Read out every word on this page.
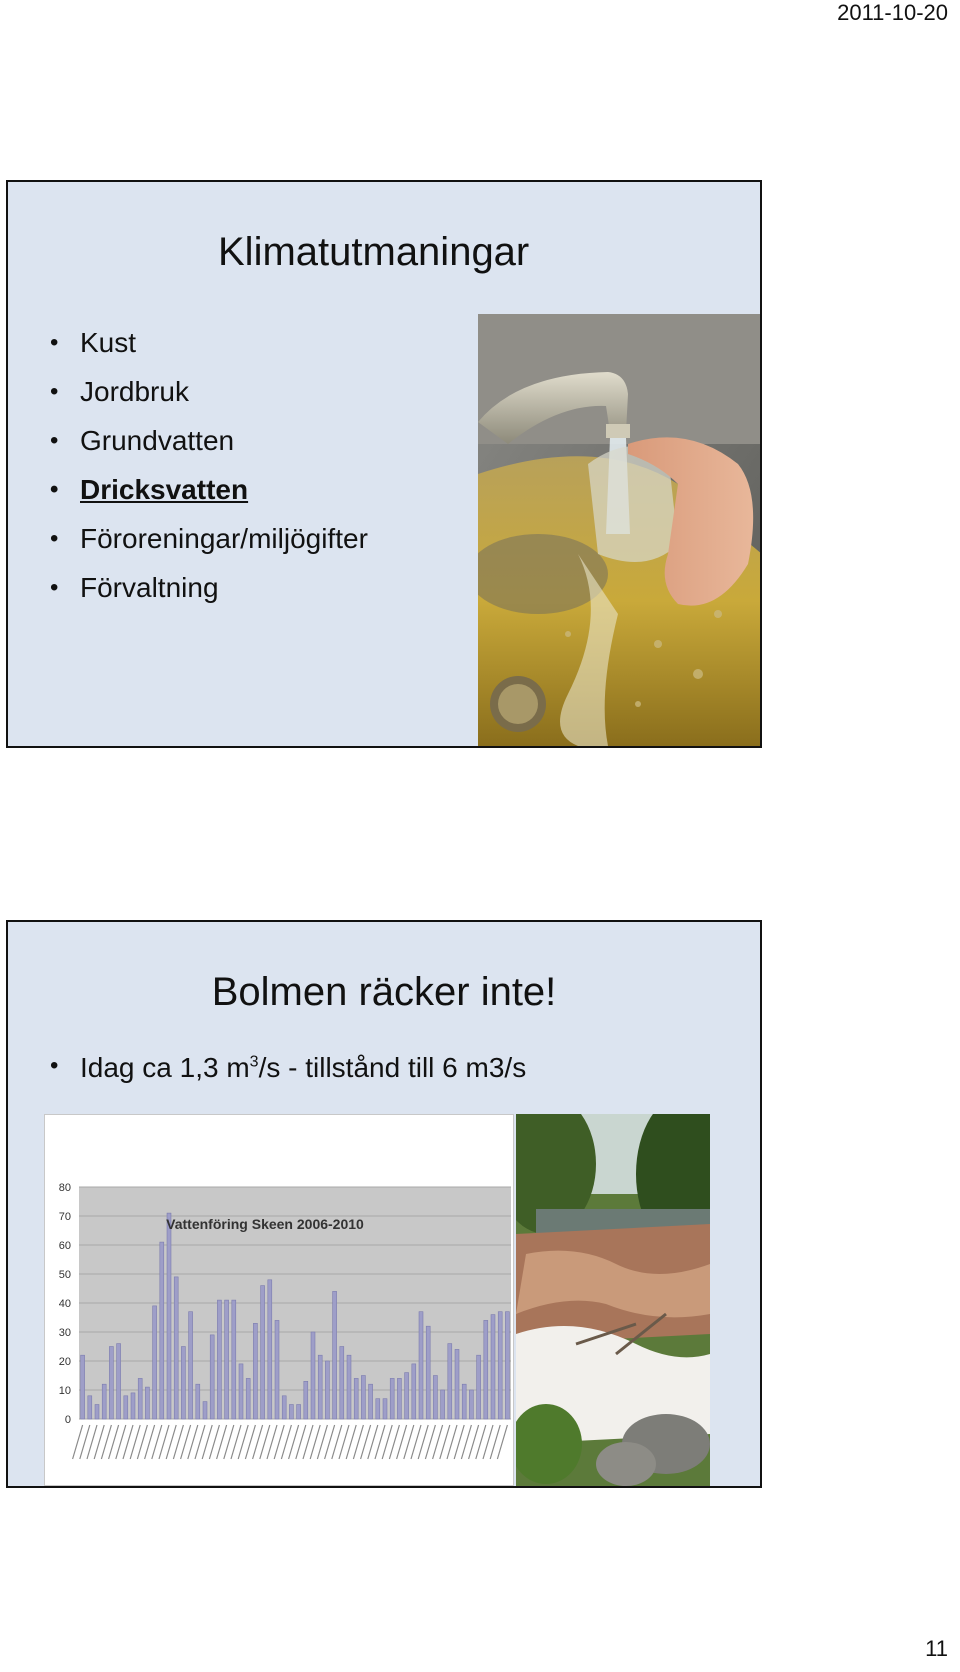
2011-10-20
Klimatutmaningar
• Kust
• Jordbruk
• Grundvatten
• Dricksvatten
• Föroreningar/miljögifter
• Förvaltning
Bolmen räcker inte!
• Idag ca 1,3 $m^3/s$ - tillstånd till 6 m3/s
0
10
20
30
40
50
60
70
80
Vattenföring Skeen 2006-2010
11
